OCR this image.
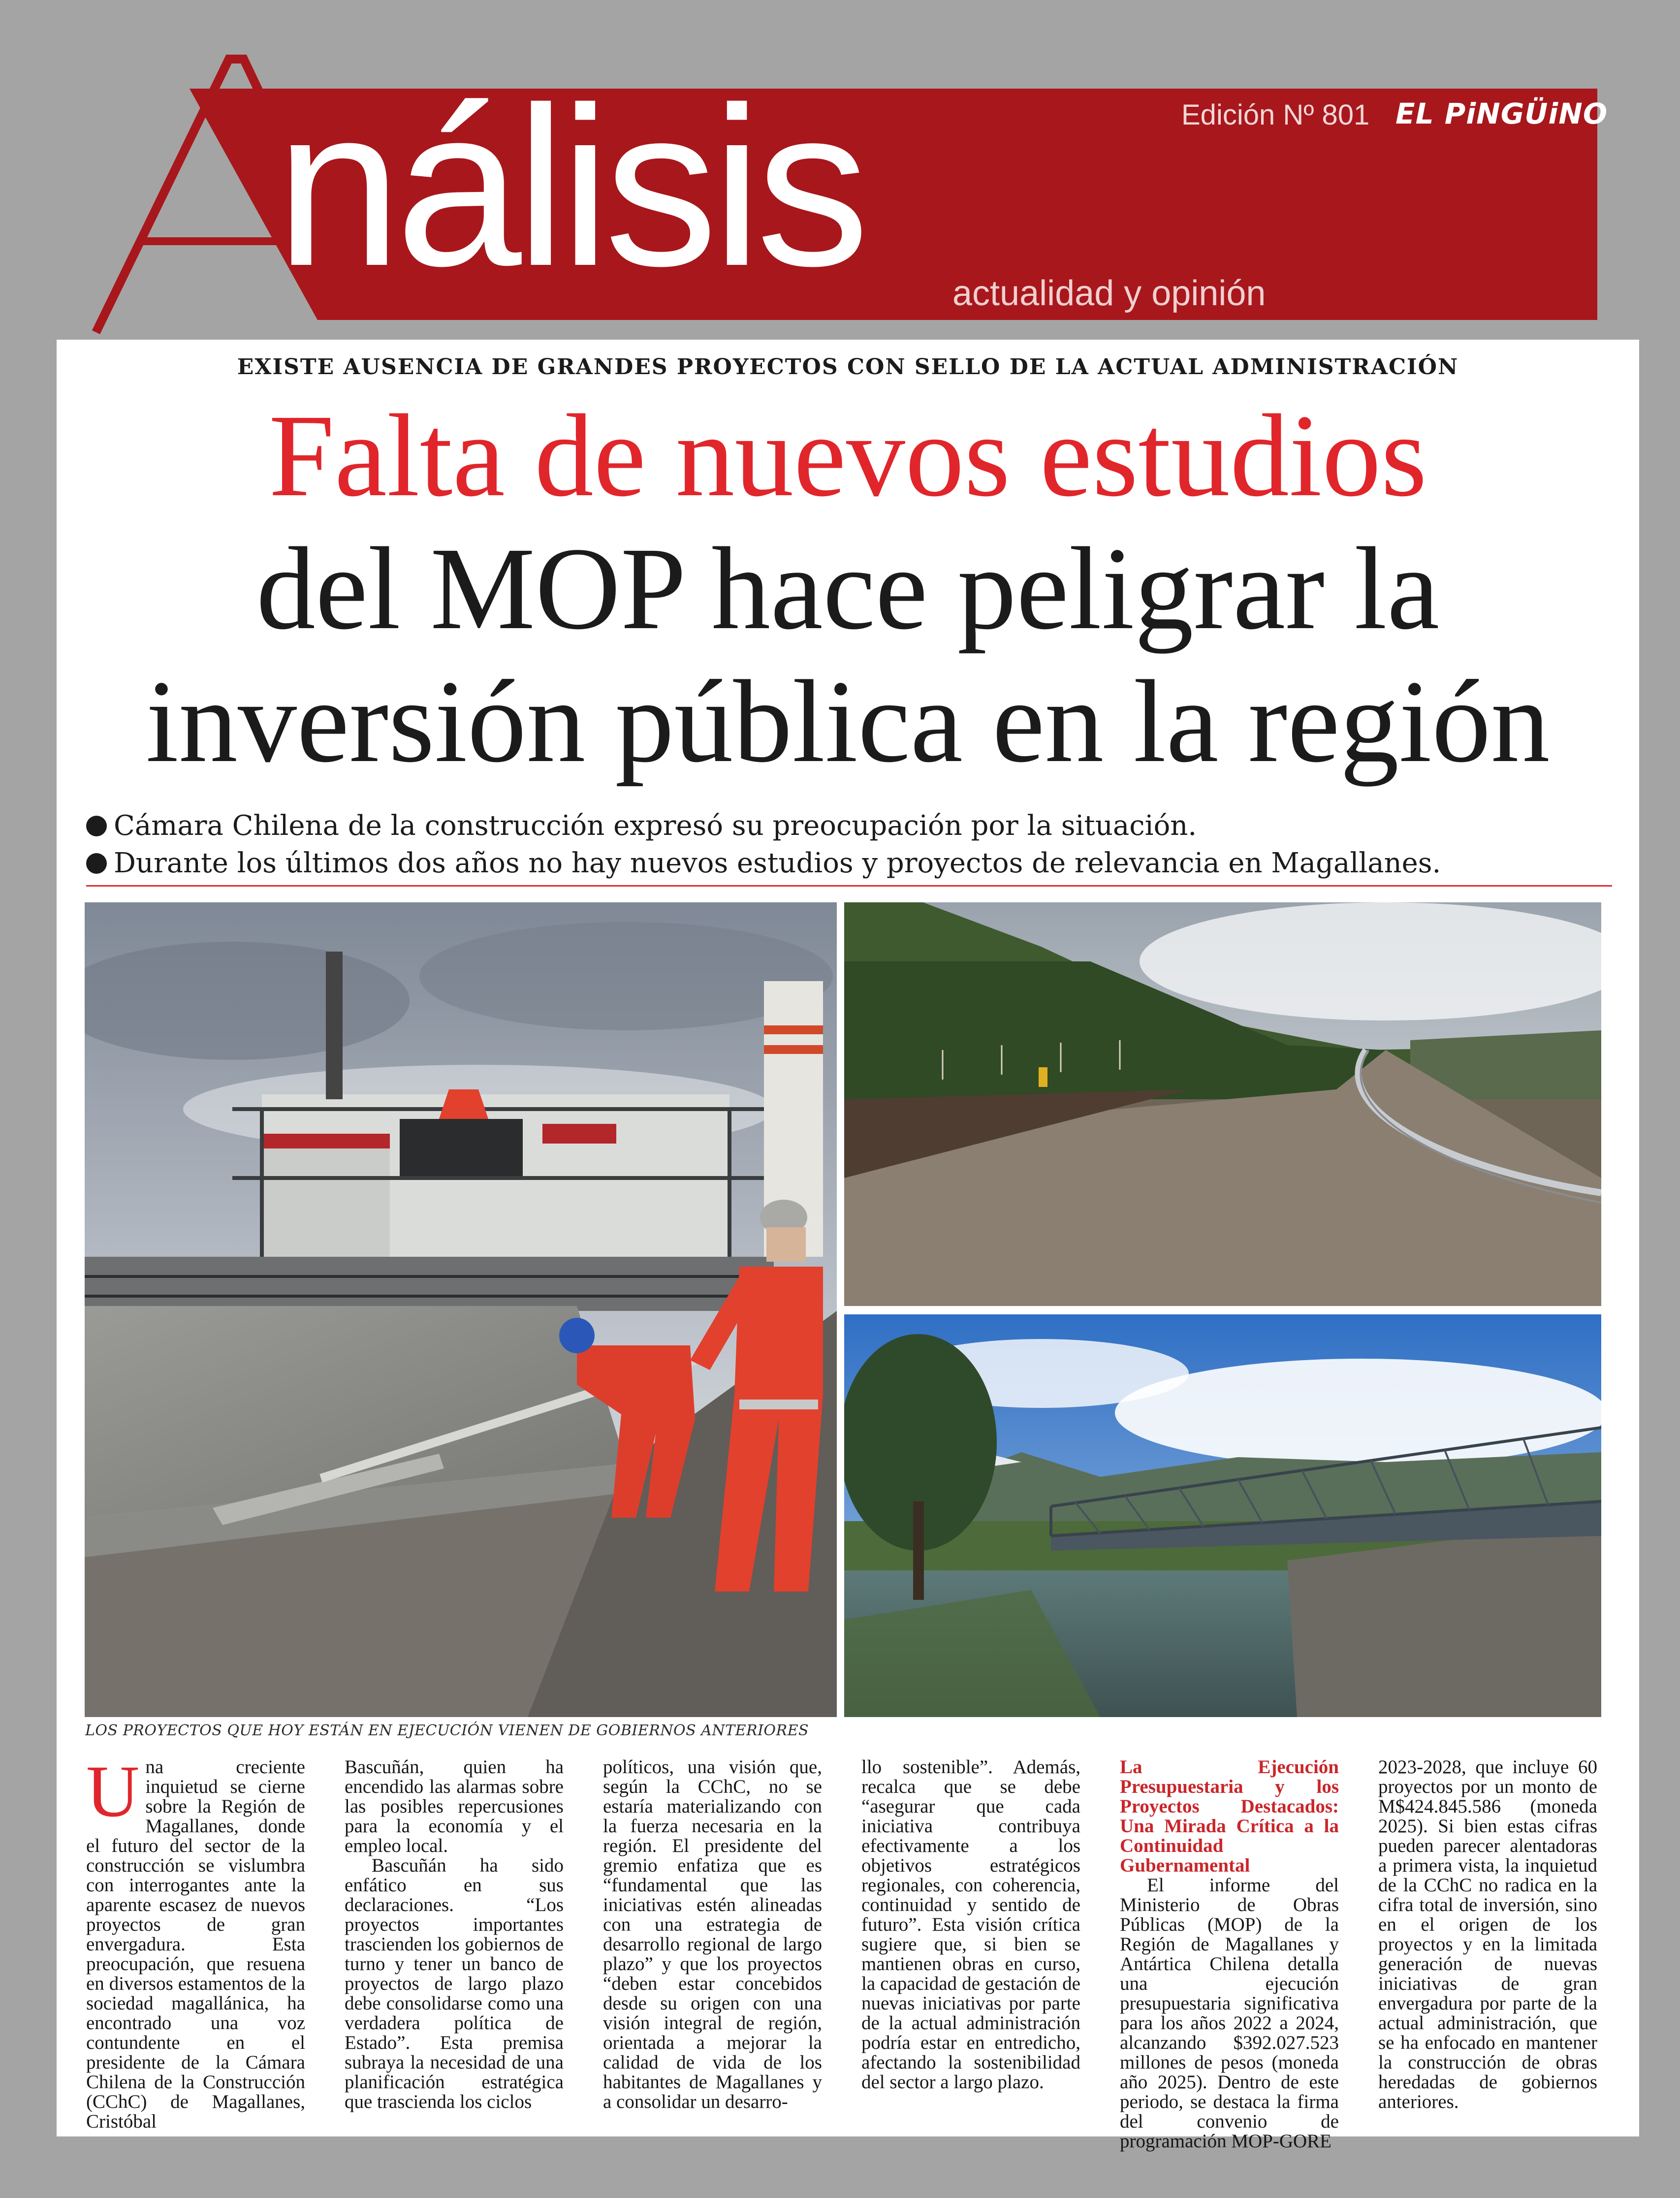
nálisis	Edición Nº 801 EL PiNGÜiNO
actualidad y opinión
EXISTE AUSENCIA DE GRANDES PROYECTOS CON SELLO DE LA ACTUAL ADMINISTRACIÓN
Falta de nuevos estudios
del MOP hace peligrar la
inversión pública en la región
Cámara Chilena de la construcción expresó su preocupación por la situación.
Durante los últimos dos años no hay nuevos estudios y proyectos de relevancia en Magallanes.
LOS PROYECTOS QUE HOY ESTÁN EN EJECUCIÓN VIENEN DE GOBIERNOS ANTERIORES
U na creciente inquietud se cierne sobre la Región de Magallanes, donde el futuro del sector de la construcción se vislumbra con interrogantes ante la aparente escasez de nuevos proyectos de gran envergadura. Esta preocupación, que resuena en diversos estamentos de la sociedad magallánica, ha encontrado una voz contundente en el presidente de la Cámara Chilena de la Construcción (CChC) de Magallanes, Cristóbal

Bascuñán, quien ha encendido las alarmas sobre las posibles repercusiones para la economía y el empleo local.

Bascuñán ha sido enfático en sus declaraciones. “Los proyectos importantes trascienden los gobiernos de turno y tener un banco de proyectos de largo plazo debe consolidarse como una verdadera política de Estado”. Esta premisa subraya la necesidad de una planificación estratégica que trascienda los ciclos

políticos, una visión que, según la CChC, no se estaría materializando con la fuerza necesaria en la región. El presidente del gremio enfatiza que es “fundamental que las iniciativas estén alineadas con una estrategia de desarrollo regional de largo plazo” y que los proyectos “deben estar concebidos desde su origen con una visión integral de región, orientada a mejorar la calidad de vida de los habitantes de Magallanes y a consolidar un desarro-

llo sostenible”. Además, recalca que se debe “asegurar que cada iniciativa contribuya efectivamente a los objetivos estratégicos regionales, con coherencia, continuidad y sentido de futuro”. Esta visión crítica sugiere que, si bien se mantienen obras en curso, la capacidad de gestación de nuevas iniciativas por parte de la actual administración podría estar en entredicho, afectando la sostenibilidad del sector a largo plazo.

La Ejecución Presupuestaria y los Proyectos Destacados: Una Mirada Crítica a la Continuidad Gubernamental

El informe del Ministerio de Obras Públicas (MOP) de la Región de Magallanes y Antártica Chilena detalla una ejecución presupuestaria significativa para los años 2022 a 2024, alcanzando $392.027.523 millones de pesos (moneda año 2025). Dentro de este periodo, se destaca la firma del convenio de programación MOP-GORE

2023-2028, que incluye 60 proyectos por un monto de M$424.845.586 (moneda 2025). Si bien estas cifras pueden parecer alentadoras a primera vista, la inquietud de la CChC no radica en la cifra total de inversión, sino en el origen de los proyectos y en la limitada generación de nuevas iniciativas de gran envergadura por parte de la actual administración, que se ha enfocado en mantener la construcción de obras heredadas de gobiernos anteriores.
